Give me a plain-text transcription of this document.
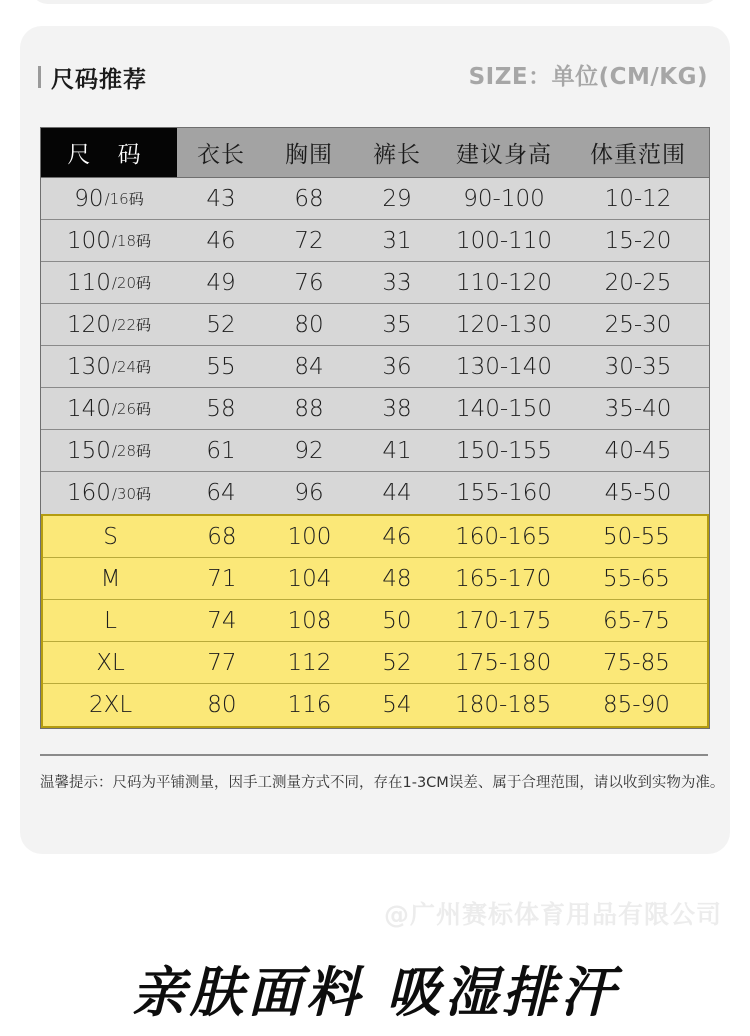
尺码推荐	SIZE：单位(CM/KG)
尺 码	衣长	胸围	裤长	建议身高	体重范围
90 /16码	43	68	29	90-100	10-12
100 /18码	46	72	31	100-110	15-20
110 /20码	49	76	33	110-120	20-25
120 /22码	52	80	35	120-130	25-30
130 /24码	55	84	36	130-140	30-35
140 /26码	58	88	38	140-150	35-40
150 /28码	61	92	41	150-155	40-45
160 /30码	64	96	44	155-160	45-50
S	68	100	46	160-165	50-55
M	71	104	48	165-170	55-65
L	74	108	50	170-175	65-75
XL	77	112	52	175-180	75-85
2XL	80	116	54	180-185	85-90
温馨提示：尺码为平铺测量，因手工测量方式不同，存在1-3CM误差、属于合理范围，请以收到实物为准。
@广州赛标体育用品有限公司
亲肤面料 吸湿排汗
